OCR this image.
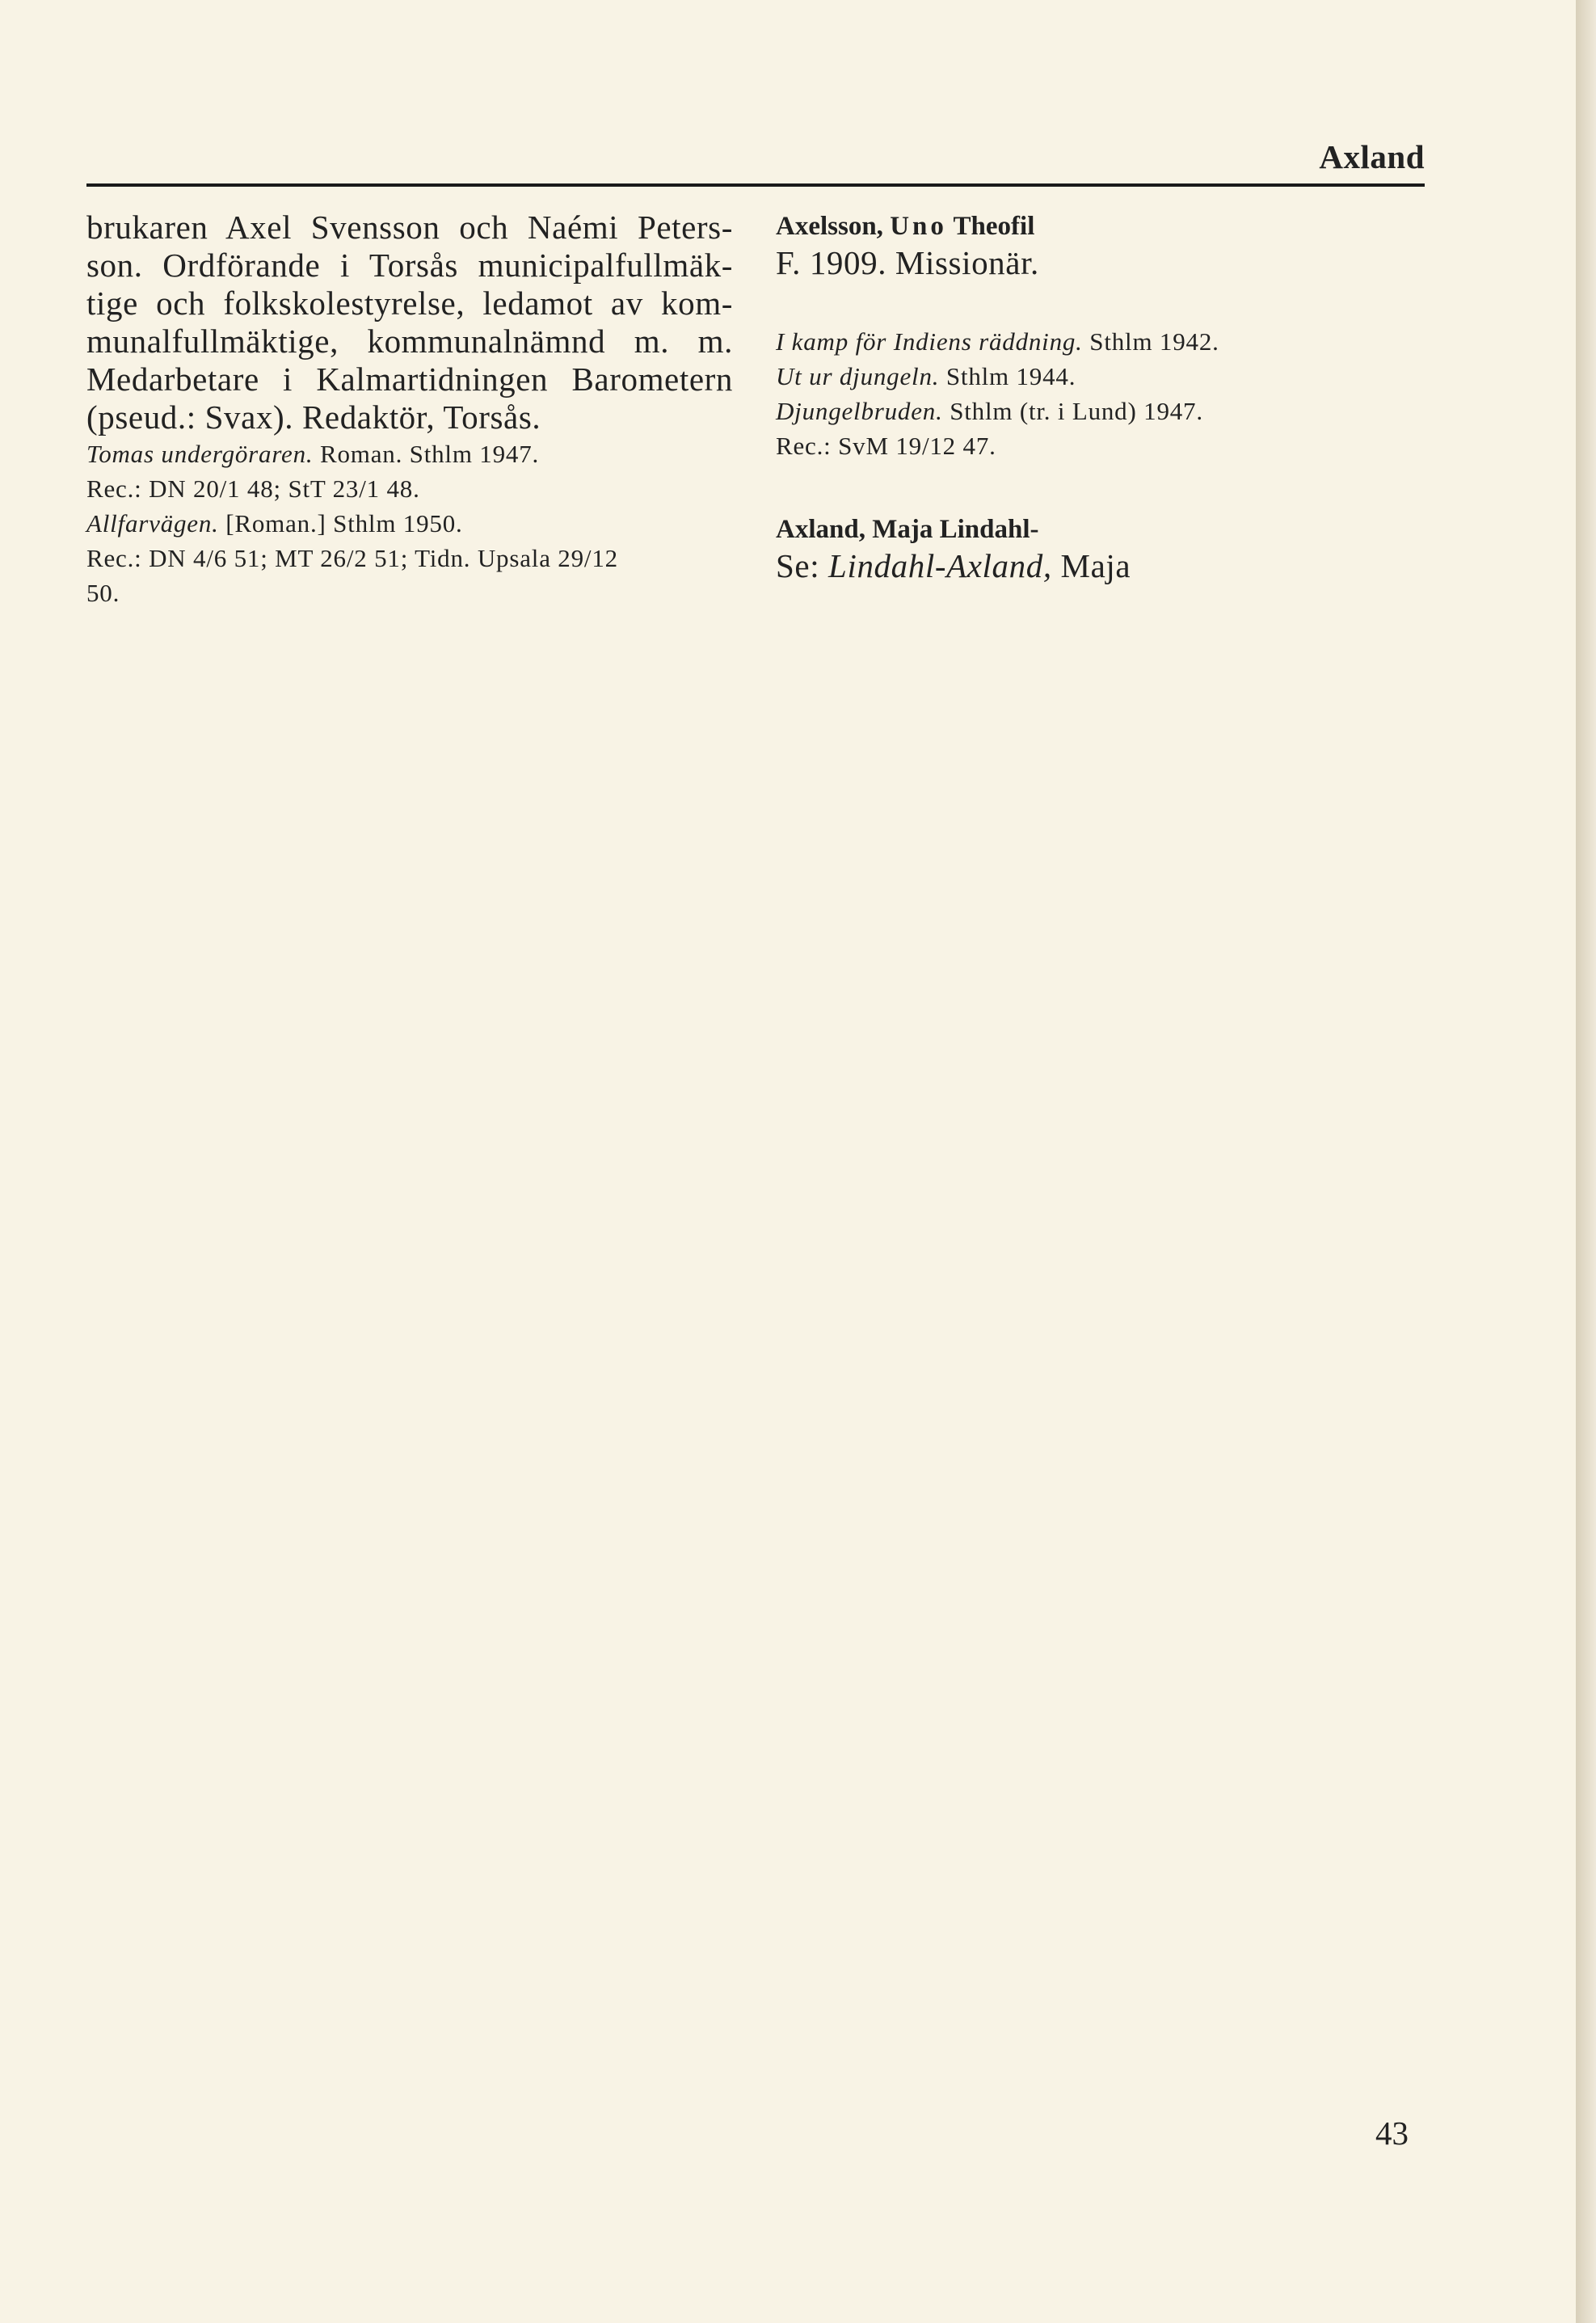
Axland
brukaren Axel Svensson och Naémi Peters-
son. Ordförande i Torsås municipalfullmäk-
tige och folkskolestyrelse, ledamot av kom-
munalfullmäktige, kommunalnämnd m. m.
Medarbetare i Kalmartidningen Barometern
(pseud.: Svax). Redaktör, Torsås.
Tomas undergöraren. Roman. Sthlm 1947.
Rec.: DN 20/1 48; StT 23/1 48.
Allfarvägen. [Roman.] Sthlm 1950.
Rec.: DN 4/6 51; MT 26/2 51; Tidn. Upsala 29/12
50.
Axelsson, Uno Theofil
F. 1909. Missionär.
I kamp för Indiens räddning. Sthlm 1942.
Ut ur djungeln. Sthlm 1944.
Djungelbruden. Sthlm (tr. i Lund) 1947.
Rec.: SvM 19/12 47.
Axland, Maja Lindahl-
Se: Lindahl-Axland, Maja
43
